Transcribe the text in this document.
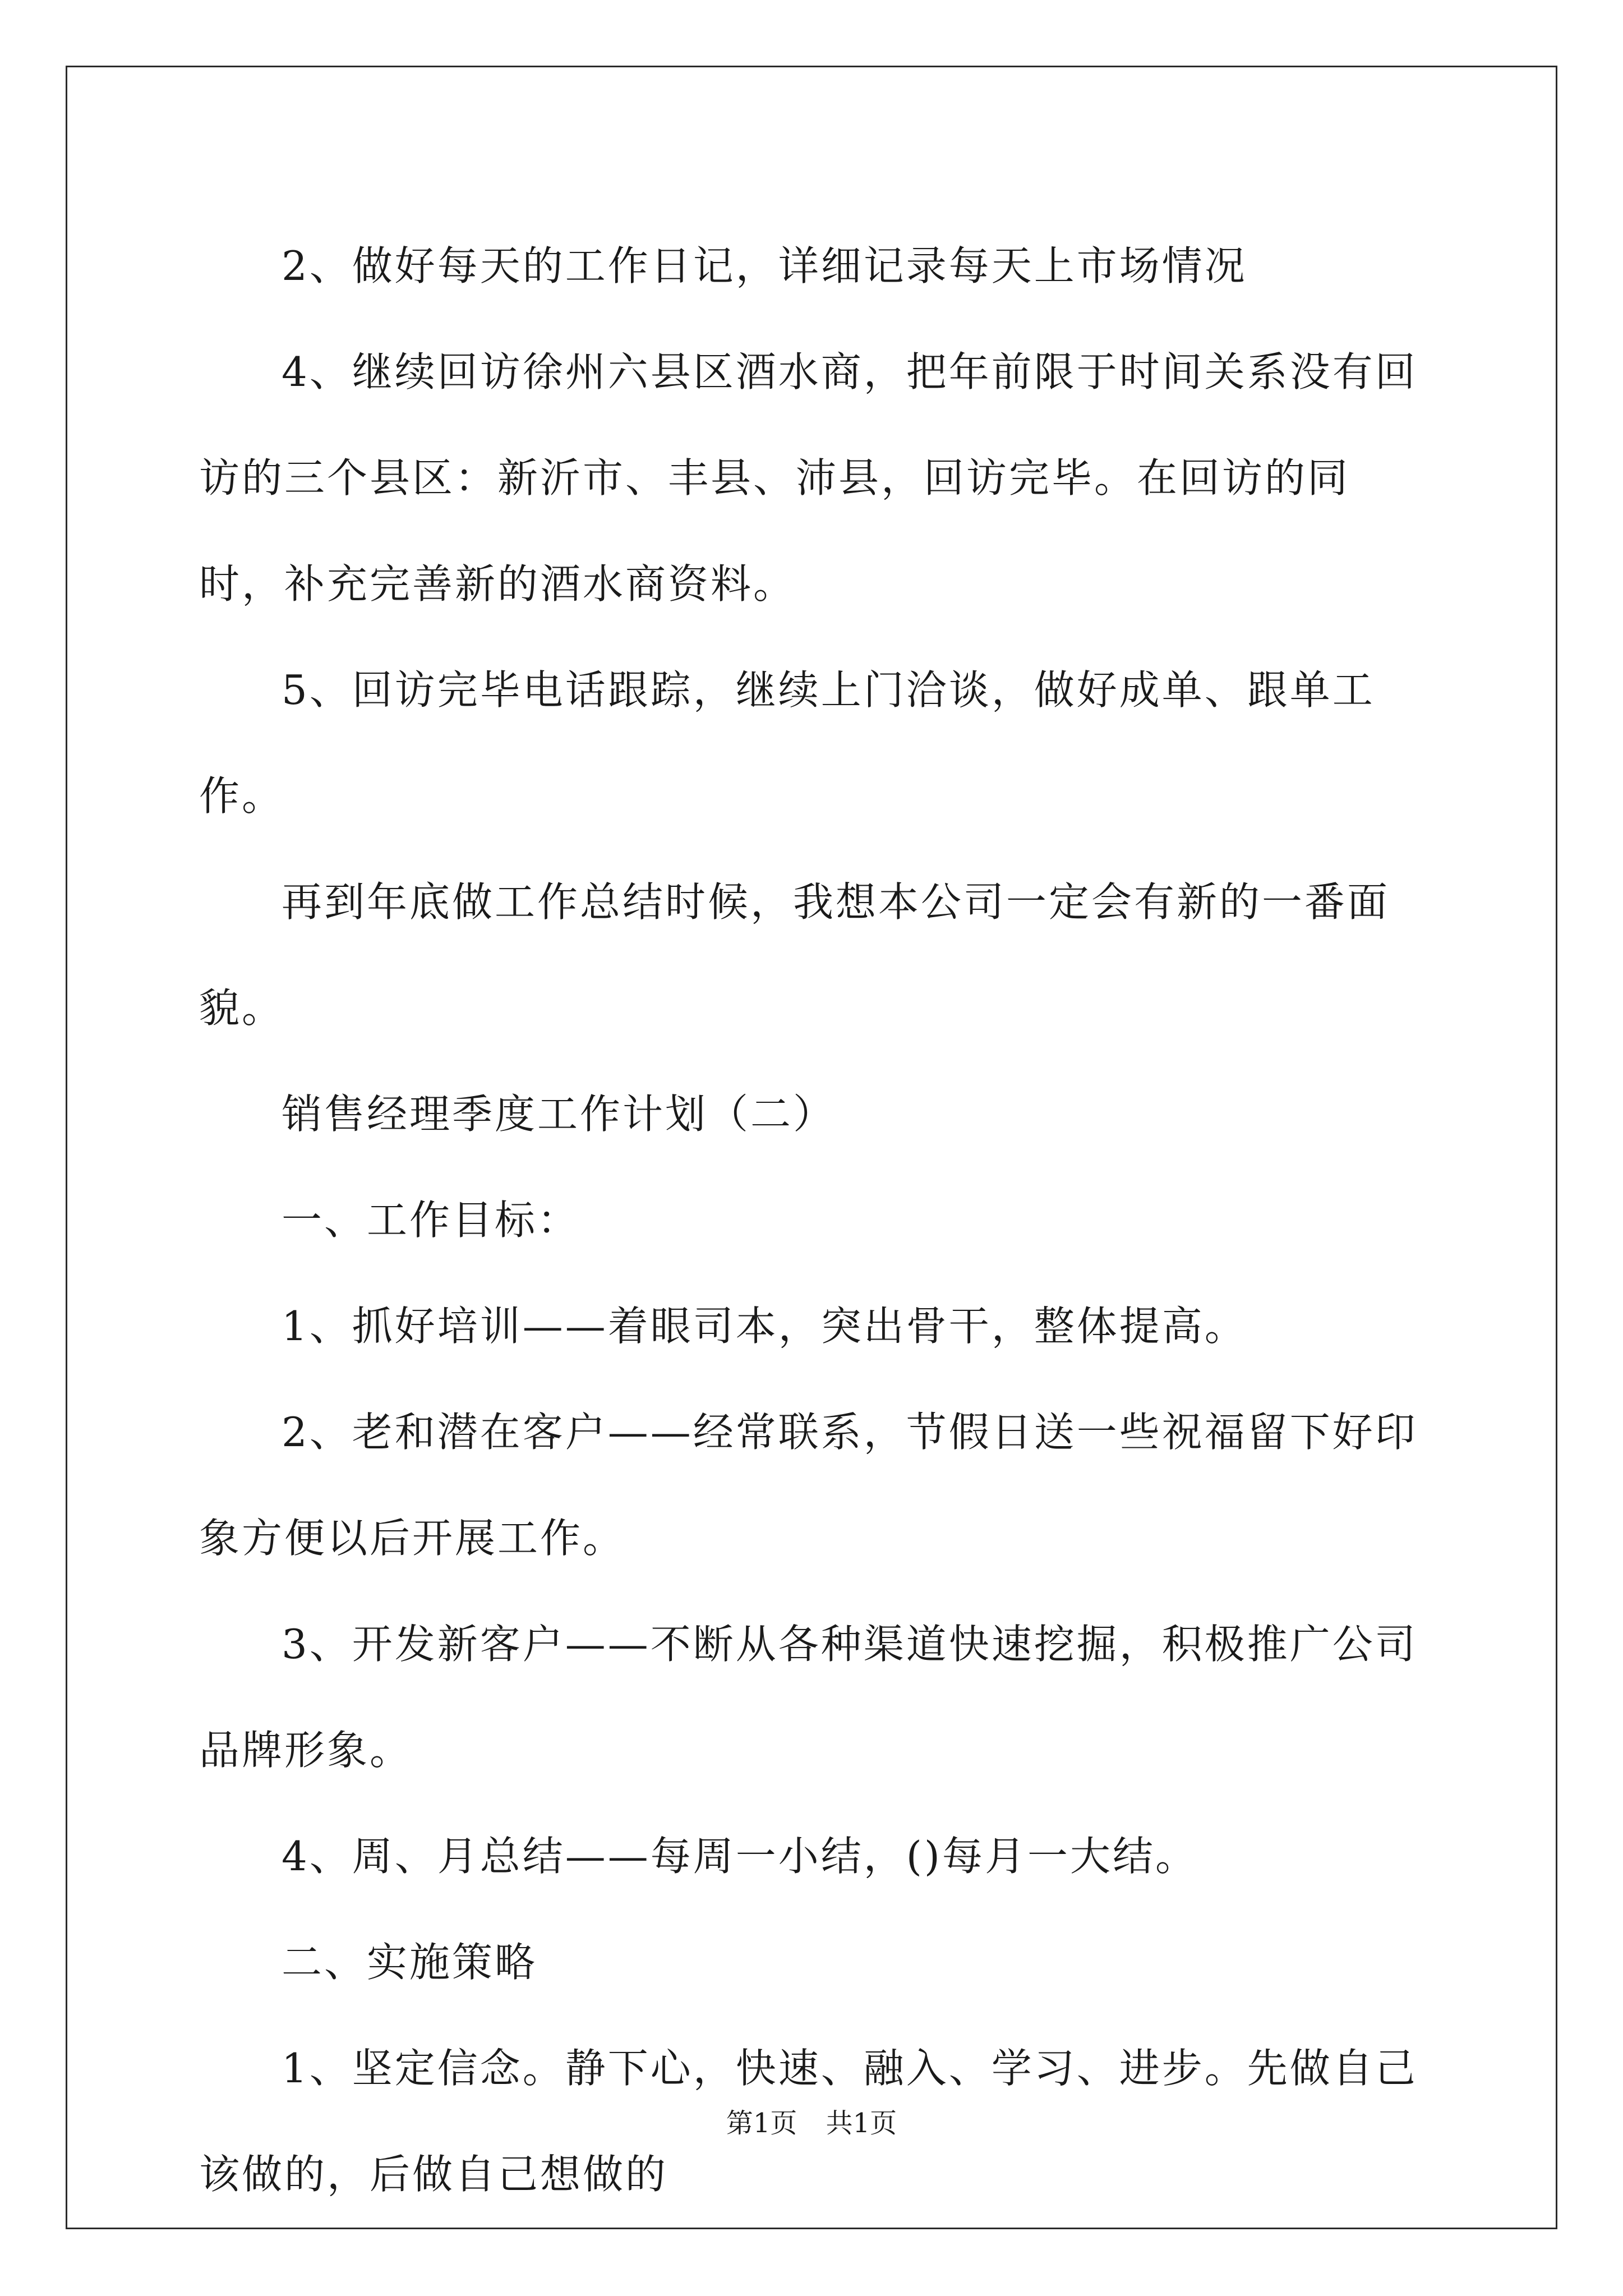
2、做好每天的工作日记，详细记录每天上市场情况

4、继续回访徐州六县区酒水商，把年前限于时间关系没有回访的三个县区：新沂市、丰县、沛县，回访完毕。在回访的同时，补充完善新的酒水商资料。

5、回访完毕电话跟踪，继续上门洽谈，做好成单、跟单工作。

再到年底做工作总结时候，我想本公司一定会有新的一番面貌。

销售经理季度工作计划（二）

一、工作目标：

1、抓好培训——着眼司本，突出骨干，整体提高。

2、老和潜在客户——经常联系，节假日送一些祝福留下好印象方便以后开展工作。

3、开发新客户——不断从各种渠道快速挖掘，积极推广公司品牌形象。

4、周、月总结——每周一小结，()每月一大结。

二、实施策略

1、坚定信念。静下心，快速、融入、学习、进步。先做自己该做的，后做自己想做的

第1页 共1页
